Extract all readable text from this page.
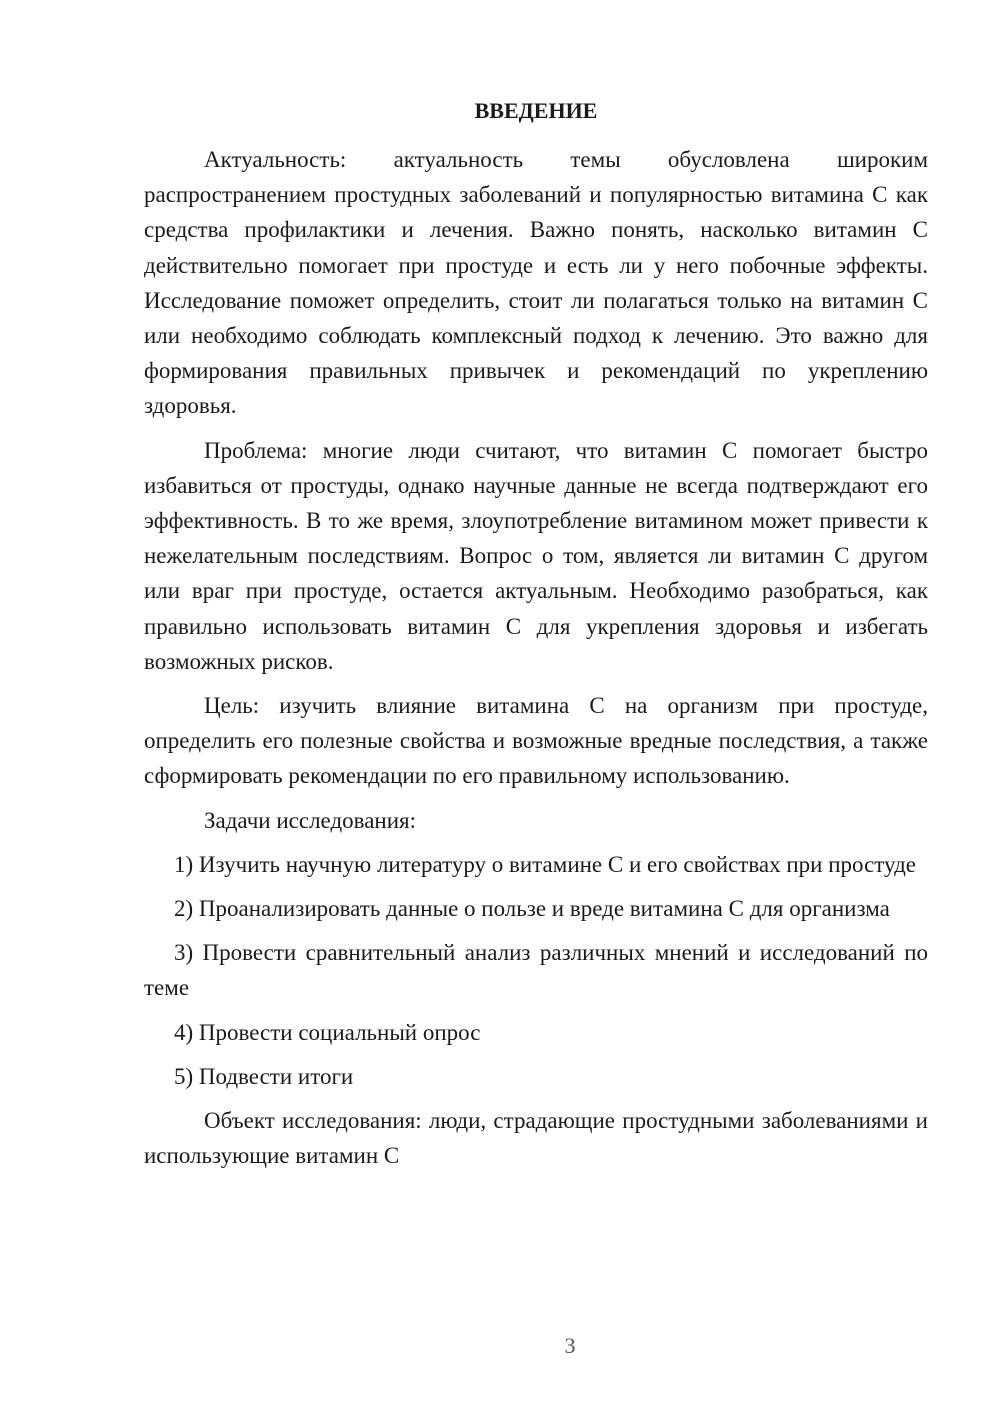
ВВЕДЕНИЕ

Актуальность: актуальность темы обусловлена широким распространением простудных заболеваний и популярностью витамина С как средства профилактики и лечения. Важно понять, насколько витамин С действительно помогает при простуде и есть ли у него побочные эффекты. Исследование поможет определить, стоит ли полагаться только на витамин С или необходимо соблюдать комплексный подход к лечению. Это важно для формирования правильных привычек и рекомендаций по укреплению здоровья.

Проблема: многие люди считают, что витамин С помогает быстро избавиться от простуды, однако научные данные не всегда подтверждают его эффективность. В то же время, злоупотребление витамином может привести к нежелательным последствиям. Вопрос о том, является ли витамин С другом или враг при простуде, остается актуальным. Необходимо разобраться, как правильно использовать витамин С для укрепления здоровья и избегать возможных рисков.

Цель: изучить влияние витамина С на организм при простуде, определить его полезные свойства и возможные вредные последствия, а также сформировать рекомендации по его правильному использованию.

Задачи исследования:

1) Изучить научную литературу о витамине С и его свойствах при простуде

2) Проанализировать данные о пользе и вреде витамина С для организма

3) Провести сравнительный анализ различных мнений и исследований по теме

4) Провести социальный опрос

5) Подвести итоги

Объект исследования: люди, страдающие простудными заболеваниями и использующие витамин С

3
